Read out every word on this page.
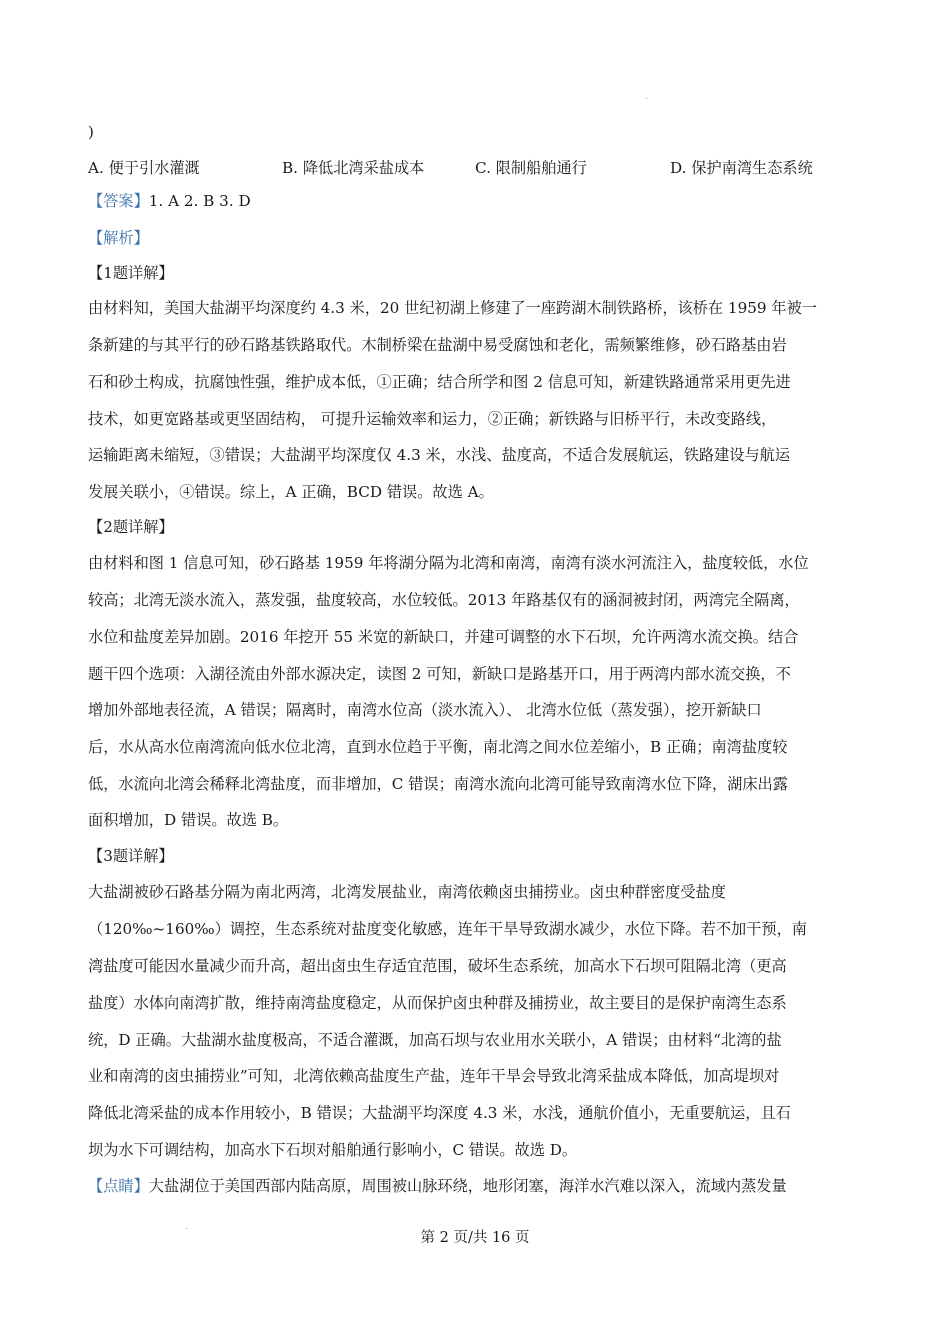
)
A. 便于引水灌溉	B. 降低北湾采盐成本	C. 限制船舶通行	D. 保护南湾生态系统
【答案】1. A 2. B 3. D
【解析】
【1题详解】
由材料知，美国大盐湖平均深度约 4.3 米，20 世纪初湖上修建了一座跨湖木制铁路桥，该桥在 1959 年被一
条新建的与其平行的砂石路基铁路取代。木制桥梁在盐湖中易受腐蚀和老化，需频繁维修，砂石路基由岩
石和砂土构成，抗腐蚀性强，维护成本低，①正确；结合所学和图 2 信息可知，新建铁路通常采用更先进
技术，如更宽路基或更坚固结构， 可提升运输效率和运力，②正确；新铁路与旧桥平行，未改变路线，
运输距离未缩短，③错误；大盐湖平均深度仅 4.3 米，水浅、盐度高，不适合发展航运，铁路建设与航运
发展关联小，④错误。综上，A 正确，BCD 错误。故选 A。
【2题详解】
由材料和图 1 信息可知，砂石路基 1959 年将湖分隔为北湾和南湾，南湾有淡水河流注入，盐度较低，水位
较高；北湾无淡水流入，蒸发强，盐度较高，水位较低。2013 年路基仅有的涵洞被封闭，两湾完全隔离，
水位和盐度差异加剧。2016 年挖开 55 米宽的新缺口，并建可调整的水下石坝，允许两湾水流交换。结合
题干四个选项：入湖径流由外部水源决定，读图 2 可知，新缺口是路基开口，用于两湾内部水流交换，不
增加外部地表径流，A 错误；隔离时，南湾水位高（淡水流入）、 北湾水位低（蒸发强），挖开新缺口
后，水从高水位南湾流向低水位北湾，直到水位趋于平衡，南北湾之间水位差缩小，B 正确；南湾盐度较
低，水流向北湾会稀释北湾盐度，而非增加，C 错误；南湾水流向北湾可能导致南湾水位下降，湖床出露
面积增加，D 错误。故选 B。
【3题详解】
大盐湖被砂石路基分隔为南北两湾，北湾发展盐业，南湾依赖卤虫捕捞业。卤虫种群密度受盐度
（120‰~160‰）调控，生态系统对盐度变化敏感，连年干旱导致湖水减少，水位下降。若不加干预，南
湾盐度可能因水量减少而升高，超出卤虫生存适宜范围，破坏生态系统，加高水下石坝可阻隔北湾（更高
盐度）水体向南湾扩散，维持南湾盐度稳定，从而保护卤虫种群及捕捞业，故主要目的是保护南湾生态系
统，D 正确。大盐湖水盐度极高，不适合灌溉，加高石坝与农业用水关联小，A 错误；由材料“北湾的盐
业和南湾的卤虫捕捞业”可知，北湾依赖高盐度生产盐，连年干旱会导致北湾采盐成本降低，加高堤坝对
降低北湾采盐的成本作用较小，B 错误；大盐湖平均深度 4.3 米，水浅，通航价值小，无重要航运，且石
坝为水下可调结构，加高水下石坝对船舶通行影响小，C 错误。故选 D。
【点睛】大盐湖位于美国西部内陆高原，周围被山脉环绕，地形闭塞，海洋水汽难以深入，流域内蒸发量
第 2 页/共 16 页
